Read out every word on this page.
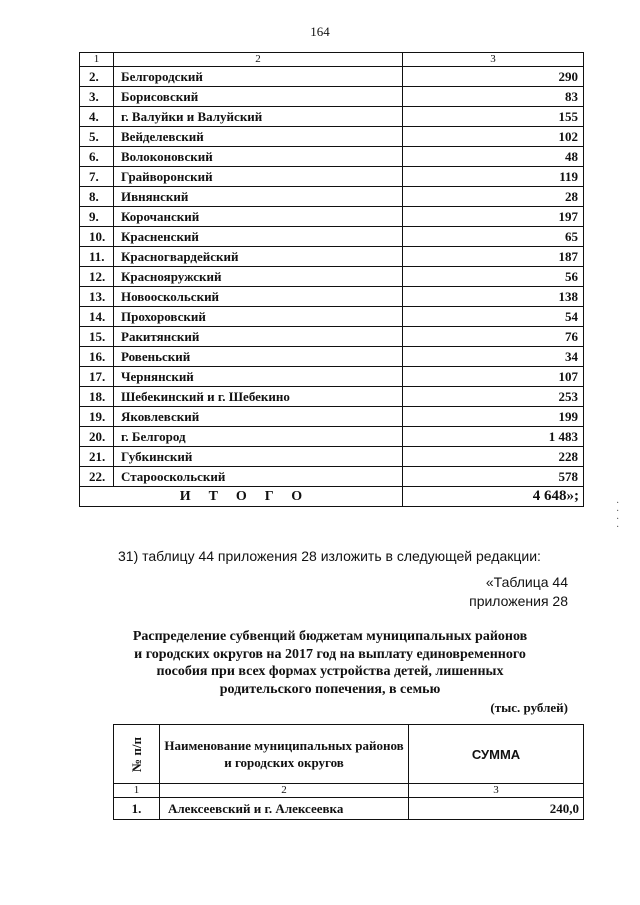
164
1	2	3
2.	Белгородский	290
3.	Борисовский	83
4.	г. Валуйки и Валуйский	155
5.	Вейделевский	102
6.	Волоконовский	48
7.	Грайворонский	119
8.	Ивнянский	28
9.	Корочанский	197
10.	Красненский	65
11.	Красногвардейский	187
12.	Краснояружский	56
13.	Новооскольский	138
14.	Прохоровский	54
15.	Ракитянский	76
16.	Ровеньский	34
17.	Чернянский	107
18.	Шебекинский и г. Шебекино	253
19.	Яковлевский	199
20.	г. Белгород	1 483
21.	Губкинский	228
22.	Старооскольский	578
ИТОГО		4 648»;
31) таблицу 44 приложения 28 изложить в следующей редакции:
«Таблица 44
приложения 28
Распределение субвенций бюджетам муниципальных районов
и городских округов на 2017 год на выплату единовременного
пособия при всех формах устройства детей, лишенных
родительского попечения, в семью
(тыс. рублей)
№ п/п	Наименование муниципальных районов и городских округов	СУММА
1	2	3
1.	Алексеевский и г. Алексеевка	240,0
·
·
·
·
